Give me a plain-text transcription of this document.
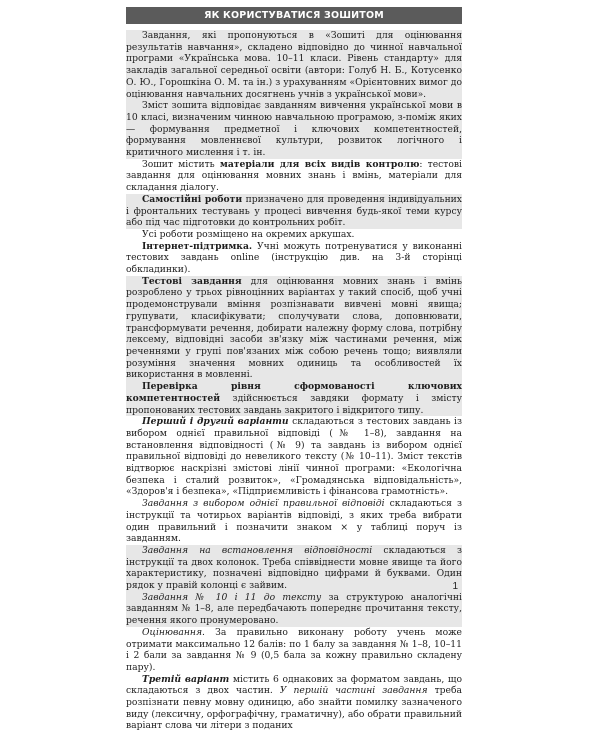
ЯК КОРИСТУВАТИСЯ ЗОШИТОМ

Завдання, які пропонуються в «Зошиті для оцінювання результатів навчання», складено відповідно до чинної навчальної програми «Українська мова. 10–11 класи. Рівень стандарту» для закладів загальної середньої освіти (автори: Голуб Н. Б., Котусенко О. Ю., Горошкіна О. М. та ін.) з урахуванням «Орієнтовних вимог до оцінювання навчальних досягнень учнів з української мови».

Зміст зошита відповідає завданням вивчення української мови в 10 класі, визначеним чинною навчальною програмою, з-поміж яких — формування предметної і ключових компетентностей, формування мовленнєвої культури, розвиток логічного і критичного мислення і т. ін.

Зошит містить матеріали для всіх видів контролю: тестові завдання для оцінювання мовних знань і вмінь, матеріали для складання діалогу.

Самостійні роботи призначено для проведення індивідуальних і фронтальних тестувань у процесі вивчення будь-якої теми курсу або під час підготовки до контрольних робіт.

Усі роботи розміщено на окремих аркушах.

Інтернет-підтримка. Учні можуть потренуватися у виконанні тестових завдань online (інструкцію див. на 3-й сторінці обкладинки).

Тестові завдання для оцінювання мовних знань і вмінь розроблено у трьох рівноцінних варіантах у такий спосіб, щоб учні продемонстрували вміння розпізнавати вивчені мовні явища; групувати, класифікувати; сполучувати слова, доповнювати, трансформувати речення, добирати належну форму слова, потрібну лексему, відповідні засоби зв'язку між частинами речення, між реченнями у групі пов'язаних між собою речень тощо; виявляли розуміння значення мовних одиниць та особливостей їх використання в мовленні.

Перевірка рівня сформованості ключових компетентностей здійснюється завдяки формату і змісту пропонованих тестових завдань закритого і відкритого типу.

Перший і другий варіанти складаються з тестових завдань із вибором однієї правильної відповіді (№ 1–8), завдання на встановлення відповідності (№ 9) та завдань із вибором однієї правильної відповіді до невеликого тексту (№ 10–11). Зміст текстів відтворює наскрізні змістові лінії чинної програми: «Екологічна безпека і сталий розвиток», «Громадянська відповідальність», «Здоров'я і безпека», «Підприємливість і фінансова грамотність».

Завдання з вибором однієї правильної відповіді складаються з інструкції та чотирьох варіантів відповіді, з яких треба вибрати один правильний і позначити знаком × у таблиці поруч із завданням.

Завдання на встановлення відповідності складаються з інструкції та двох колонок. Треба співвіднести мовне явище та його характеристику, позначені відповідно цифрами й буквами. Один рядок у правій колонці є зайвим.

Завдання № 10 і 11 до тексту за структурою аналогічні завданням № 1–8, але передбачають попереднє прочитання тексту, речення якого пронумеровано.

Оцінювання. За правильно виконану роботу учень може отримати максимально 12 балів: по 1 балу за завдання № 1–8, 10–11 і 2 бали за завдання № 9 (0,5 бала за кожну правильно складену пару).

Третій варіант містить 6 однакових за форматом завдань, що складаються з двох частин. У першій частині завдання треба розпізнати певну мовну одиницю, або знайти помилку зазначеного виду (лексичну, орфографічну, граматичну), або обрати правильний варіант слова чи літери з поданих

1
